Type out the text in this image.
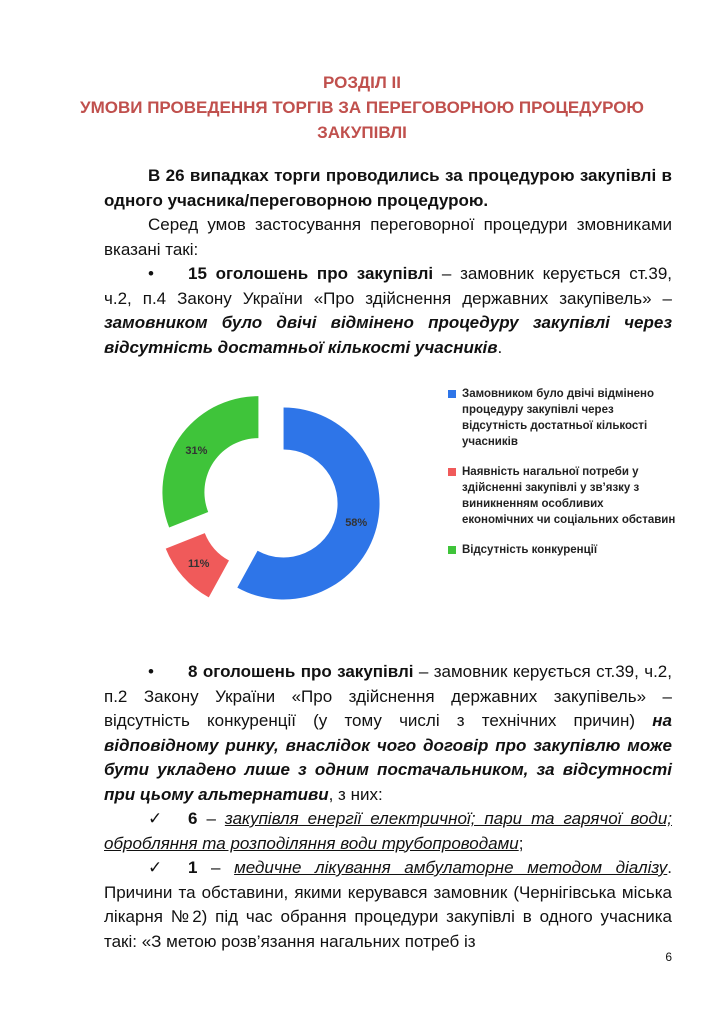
РОЗДІЛ ІІ
УМОВИ ПРОВЕДЕННЯ ТОРГІВ ЗА ПЕРЕГОВОРНОЮ ПРОЦЕДУРОЮ
ЗАКУПІВЛІ

В 26 випадках торги проводились за процедурою закупівлі в одного учасника/переговорною процедурою.

Серед умов застосування переговорної процедури змовниками вказані такі:

• 15 оголошень про закупівлі – замовник керується ст.39, ч.2, п.4 Закону України «Про здійснення державних закупівель» – замовником було двічі відмінено процедуру закупівлі через відсутність достатньої кількості учасників.

58%
11%
31%
Замовником було двічі відмінено процедуру закупівлі через відсутність достатньої кількості учасників
Наявність нагальної потреби у здійсненні закупівлі у зв’язку з виникненням особливих економічних чи соціальних обставин
Відсутність конкуренції

• 8 оголошень про закупівлі – замовник керується ст.39, ч.2, п.2 Закону України «Про здійснення державних закупівель» – відсутність конкуренції (у тому числі з технічних причин) на відповідному ринку, внаслідок чого договір про закупівлю може бути укладено лише з одним постачальником, за відсутності при цьому альтернативи, з них:

✓ 6 – закупівля енергії електричної; пари та гарячої води; обробляння та розподіляння води трубопроводами;

✓ 1 – медичне лікування амбулаторне методом діалізу. Причини та обставини, якими керувався замовник (Чернігівська міська лікарня №2) під час обрання процедури закупівлі в одного учасника такі: «З метою розв’язання нагальних потреб із

6
